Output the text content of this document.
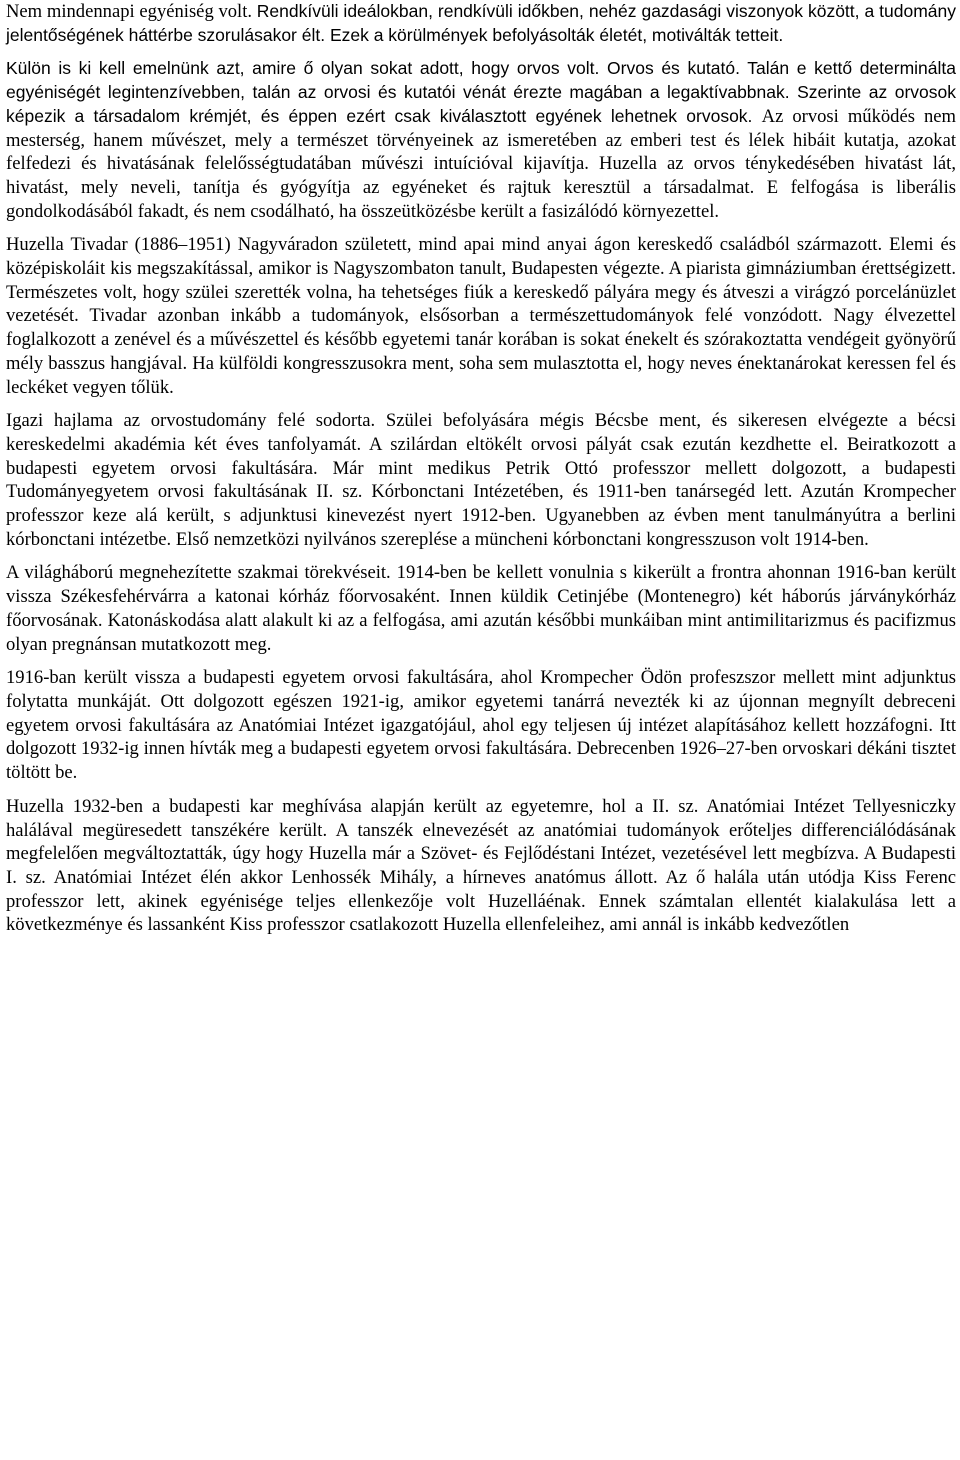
Nem mindennapi egyéniség volt. Rendkívüli ideálokban, rendkívüli időkben, nehéz gazdasági viszonyok között, a tudomány jelentőségének háttérbe szorulásakor élt. Ezek a körülmények befolyásolták életét, motiválták tetteit.

Külön is ki kell emelnünk azt, amire ő olyan sokat adott, hogy orvos volt. Orvos és kutató. Talán e kettő determinálta egyéniségét legintenzívebben, talán az orvosi és kutatói vénát érezte magában a legaktívabbnak. Szerinte az orvosok képezik a társadalom krémjét, és éppen ezért csak kiválasztott egyének lehetnek orvosok. Az orvosi működés nem mesterség, hanem művészet, mely a természet törvényeinek az ismeretében az emberi test és lélek hibáit kutatja, azokat felfedezi és hivatásának felelősségtudatában művészi intuícióval kijavítja. Huzella az orvos ténykedésében hivatást lát, hivatást, mely neveli, tanítja és gyógyítja az egyéneket és rajtuk keresztül a társadalmat. E felfogása is liberális gondolkodásából fakadt, és nem csodálható, ha összeütközésbe került a fasizálódó környezettel.

Huzella Tivadar (1886–1951) Nagyváradon született, mind apai mind anyai ágon kereskedő családból származott. Elemi és középiskoláit kis megszakítással, amikor is Nagyszombaton tanult, Budapesten végezte. A piarista gimnáziumban érettségizett. Természetes volt, hogy szülei szerették volna, ha tehetséges fiúk a kereskedő pályára megy és átveszi a virágzó porcelánüzlet vezetését. Tivadar azonban inkább a tudományok, elsősorban a természettudományok felé vonzódott. Nagy élvezettel foglalkozott a zenével és a művészettel és később egyetemi tanár korában is sokat énekelt és szórakoztatta vendégeit gyönyörű mély basszus hangjával. Ha külföldi kongresszusokra ment, soha sem mulasztotta el, hogy neves énektanárokat keressen fel és leckéket vegyen tőlük.

Igazi hajlama az orvostudomány felé sodorta. Szülei befolyására mégis Bécsbe ment, és sikeresen elvégezte a bécsi kereskedelmi akadémia két éves tanfolyamát. A szilárdan eltökélt orvosi pályát csak ezután kezdhette el. Beiratkozott a budapesti egyetem orvosi fakultására. Már mint medikus Petrik Ottó professzor mellett dolgozott, a budapesti Tudományegyetem orvosi fakultásának II. sz. Kórbonctani Intézetében, és 1911-ben tanársegéd lett. Azután Krompecher professzor keze alá került, s adjunktusi kinevezést nyert 1912-ben. Ugyanebben az évben ment tanulmányútra a berlini kórbonctani intézetbe. Első nemzetközi nyilvános szereplése a müncheni kórbonctani kongresszuson volt 1914-ben.

A világháború megnehezítette szakmai törekvéseit. 1914-ben be kellett vonulnia s kikerült a frontra ahonnan 1916-ban került vissza Székesfehérvárra a katonai kórház főorvosaként. Innen küldik Cetinjébe (Montenegro) két háborús járványkórház főorvosának. Katonáskodása alatt alakult ki az a felfogása, ami azután későbbi munkáiban mint antimilitarizmus és pacifizmus olyan pregnánsan mutatkozott meg.

1916-ban került vissza a budapesti egyetem orvosi fakultására, ahol Krompecher Ödön profeszszor mellett mint adjunktus folytatta munkáját. Ott dolgozott egészen 1921-ig, amikor egyetemi tanárrá nevezték ki az újonnan megnyílt debreceni egyetem orvosi fakultására az Anatómiai Intézet igazgatójául, ahol egy teljesen új intézet alapításához kellett hozzáfogni. Itt dolgozott 1932-ig innen hívták meg a budapesti egyetem orvosi fakultására. Debrecenben 1926–27-ben orvoskari dékáni tisztet töltött be.

Huzella 1932-ben a budapesti kar meghívása alapján került az egyetemre, hol a II. sz. Anatómiai Intézet Tellyesniczky halálával megüresedett tanszékére került. A tanszék elnevezését az anatómiai tudományok erőteljes differenciálódásának megfelelően megváltoztatták, úgy hogy Huzella már a Szövet- és Fejlődéstani Intézet, vezetésével lett megbízva. A Budapesti I. sz. Anatómiai Intézet élén akkor Lenhossék Mihály, a hírneves anatómus állott. Az ő halála után utódja Kiss Ferenc professzor lett, akinek egyénisége teljes ellenkezője volt Huzelláénak. Ennek számtalan ellentét kialakulása lett a következménye és lassanként Kiss professzor csatlakozott Huzella ellenfeleihez, ami annál is inkább kedvezőtlen
